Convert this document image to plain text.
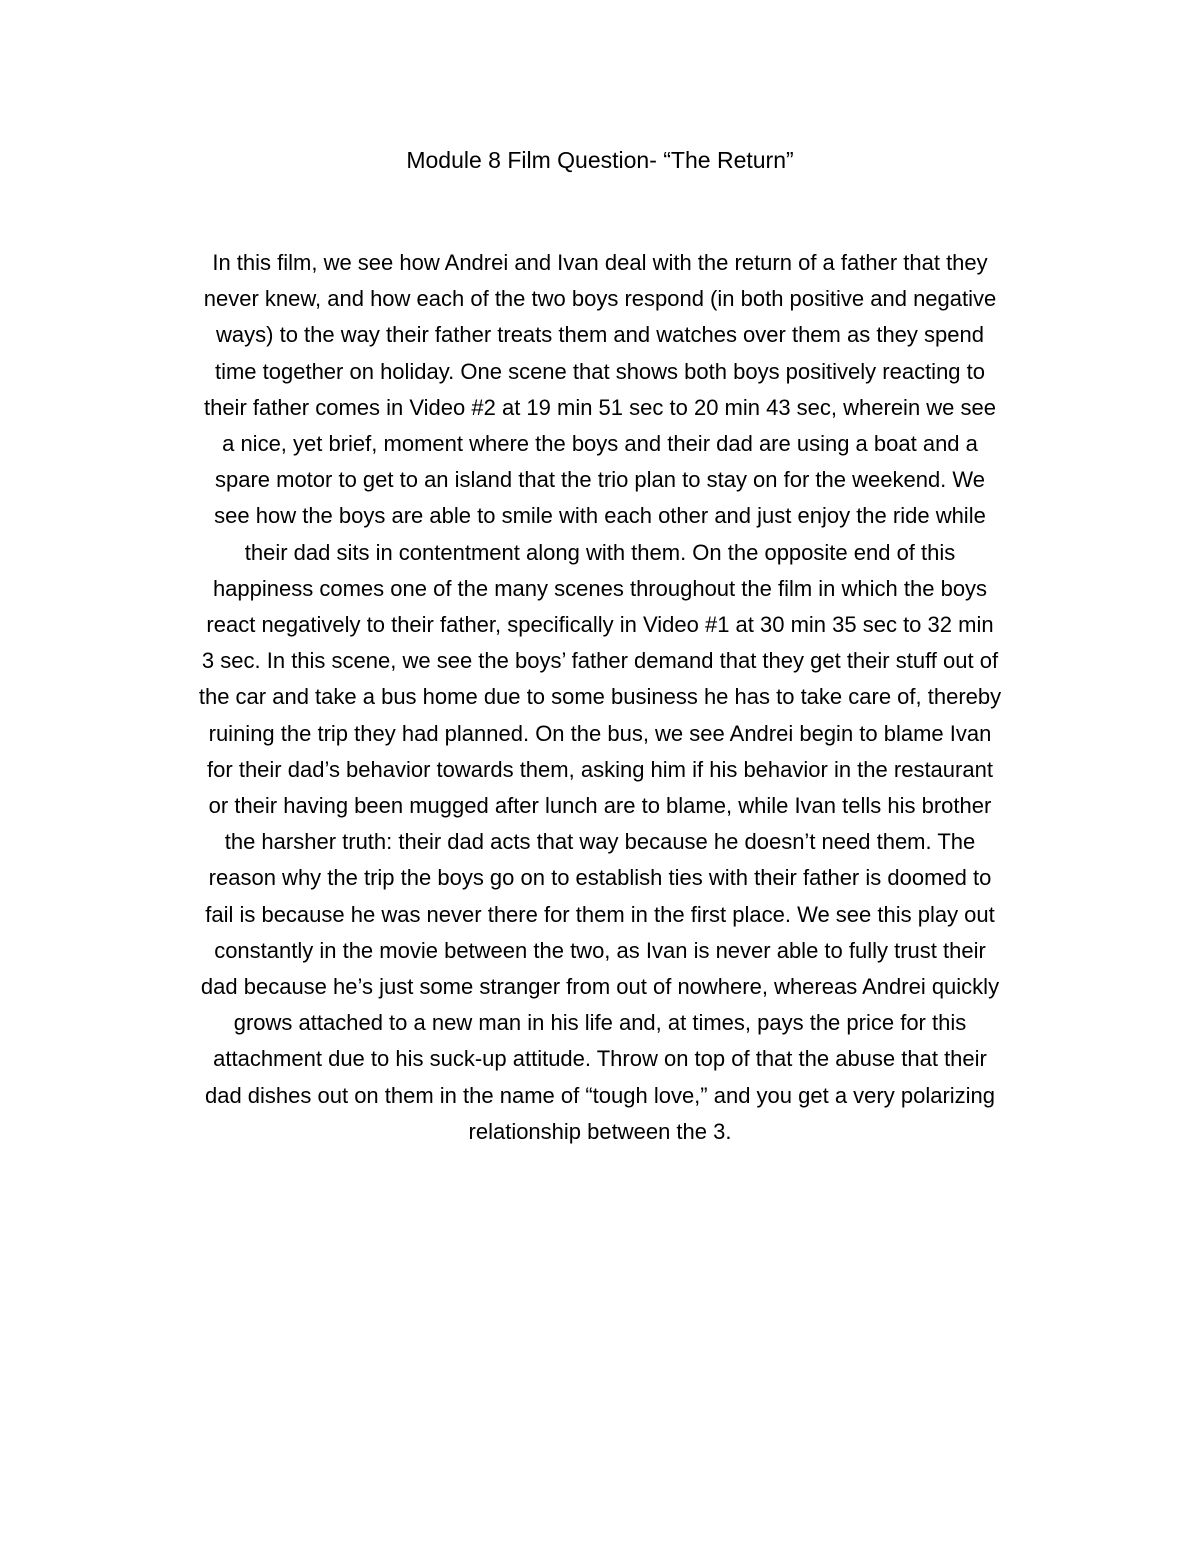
Module 8 Film Question- “The Return”
In this film, we see how Andrei and Ivan deal with the return of a father that they
never knew, and how each of the two boys respond (in both positive and negative
ways) to the way their father treats them and watches over them as they spend
time together on holiday. One scene that shows both boys positively reacting to
their father comes in Video #2 at 19 min 51 sec to 20 min 43 sec, wherein we see
a nice, yet brief, moment where the boys and their dad are using a boat and a
spare motor to get to an island that the trio plan to stay on for the weekend. We
see how the boys are able to smile with each other and just enjoy the ride while
their dad sits in contentment along with them. On the opposite end of this
happiness comes one of the many scenes throughout the film in which the boys
react negatively to their father, specifically in Video #1 at 30 min 35 sec to 32 min
3 sec. In this scene, we see the boys’ father demand that they get their stuff out of
the car and take a bus home due to some business he has to take care of, thereby
ruining the trip they had planned. On the bus, we see Andrei begin to blame Ivan
for their dad’s behavior towards them, asking him if his behavior in the restaurant
or their having been mugged after lunch are to blame, while Ivan tells his brother
the harsher truth: their dad acts that way because he doesn’t need them. The
reason why the trip the boys go on to establish ties with their father is doomed to
fail is because he was never there for them in the first place. We see this play out
constantly in the movie between the two, as Ivan is never able to fully trust their
dad because he’s just some stranger from out of nowhere, whereas Andrei quickly
grows attached to a new man in his life and, at times, pays the price for this
attachment due to his suck-up attitude. Throw on top of that the abuse that their
dad dishes out on them in the name of “tough love,” and you get a very polarizing
relationship between the 3.
